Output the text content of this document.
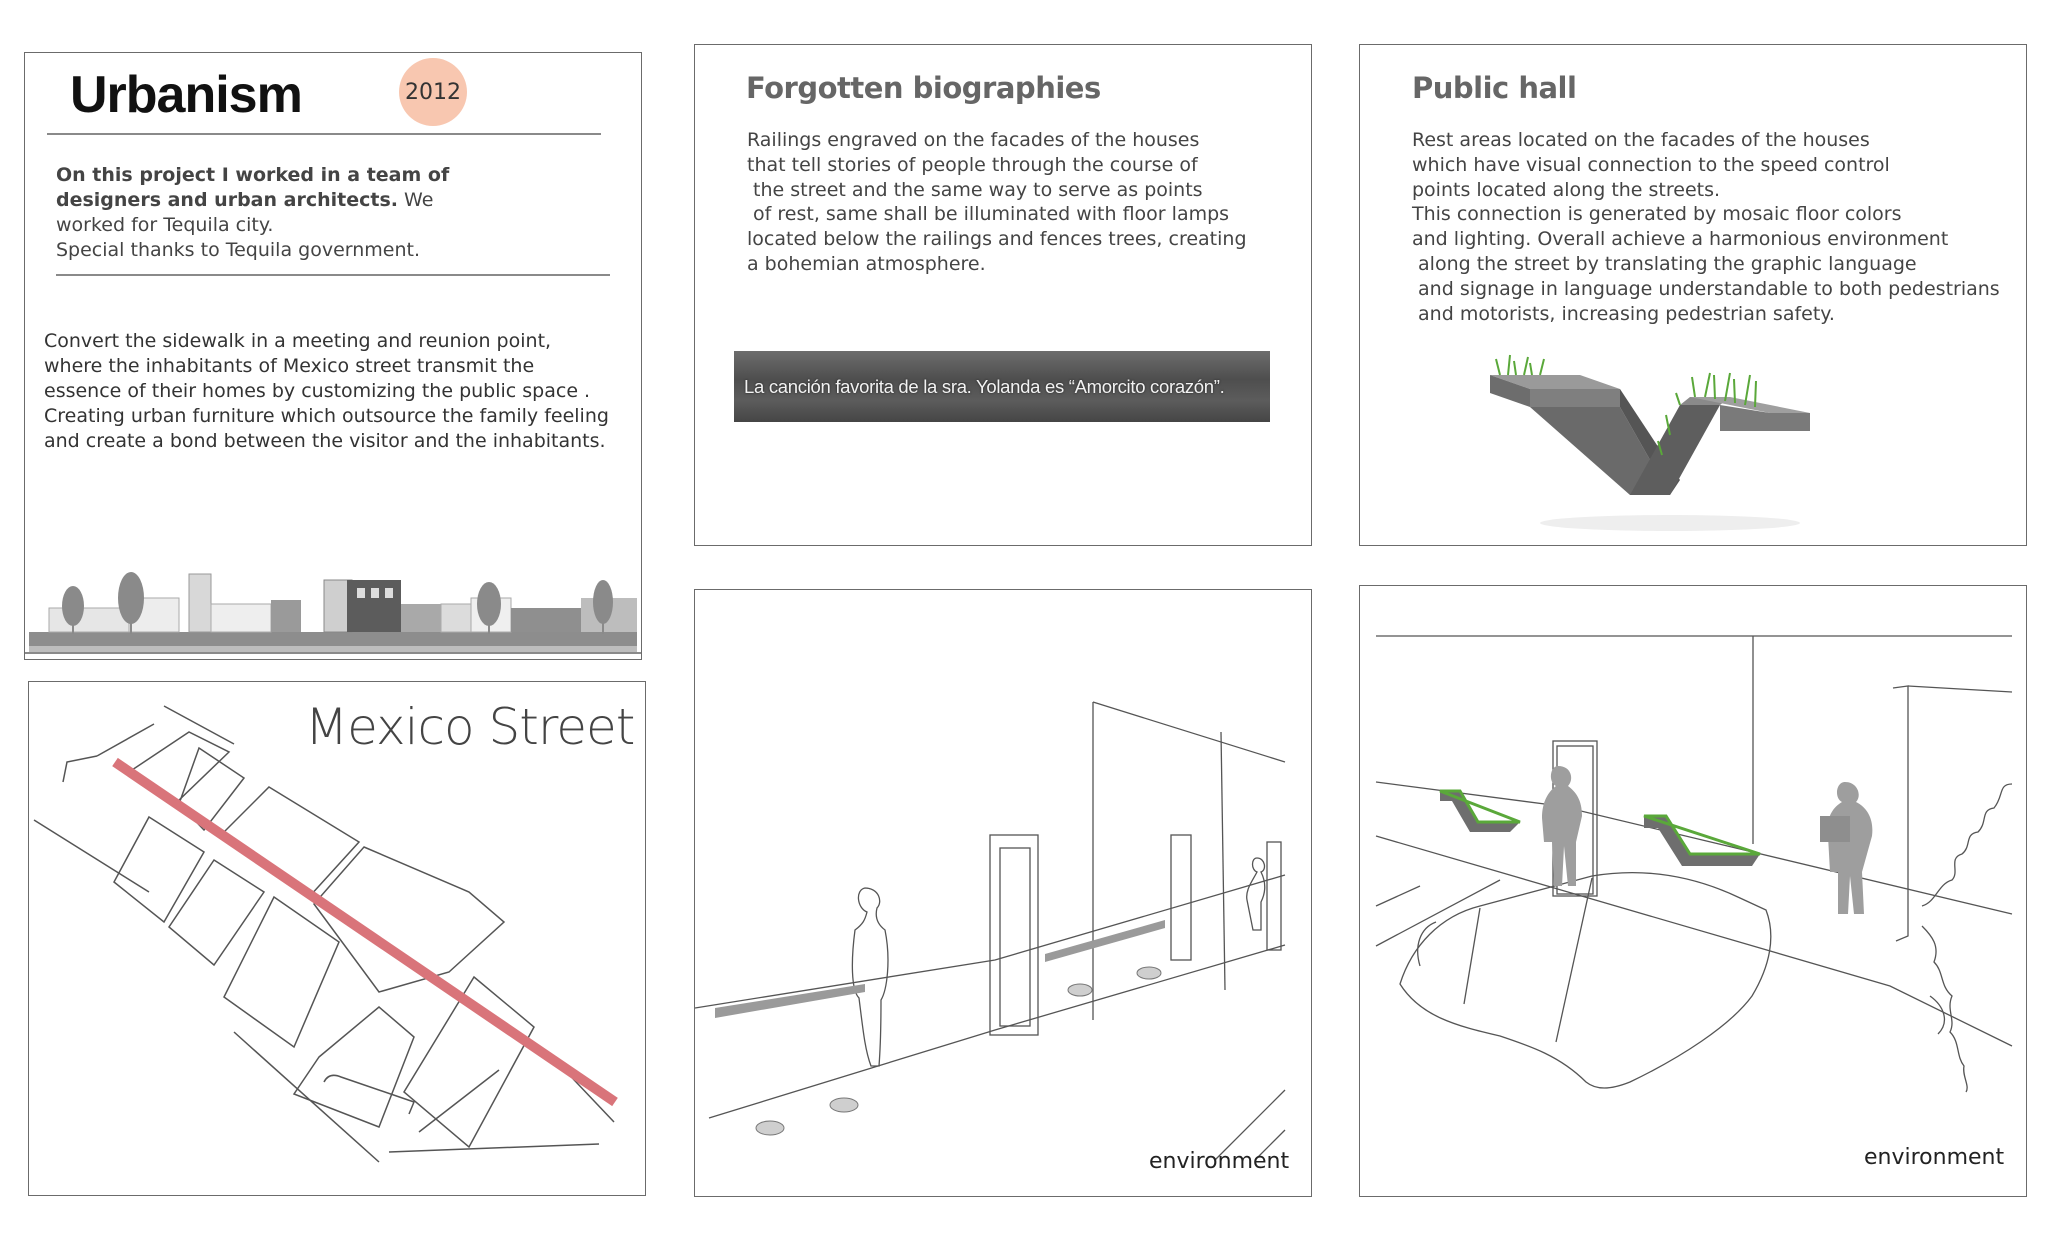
Urbanism	2012
On this project I worked in a team of
designers and urban architects. We
worked for Tequila city.
Special thanks to Tequila government.
Convert the sidewalk in a meeting and reunion point,
where the inhabitants of Mexico street transmit the
essence of their homes by customizing the public space .
Creating urban furniture which outsource the family feeling
and create a bond between the visitor and the inhabitants.
Forgotten biographies
Railings engraved on the facades of the houses
that tell stories of people through the course of
the street and the same way to serve as points
of rest, same shall be illuminated with floor lamps
located below the railings and fences trees, creating
a bohemian atmosphere.
La canción favorita de la sra. Yolanda es “Amorcito corazón”.
Public hall
Rest areas located on the facades of the houses
which have visual connection to the speed control
points located along the streets.
This connection is generated by mosaic floor colors
and lighting. Overall achieve a harmonious environment
along the street by translating the graphic language
and signage in language understandable to both pedestrians
and motorists, increasing pedestrian safety.
Mexico Street
environment	environment
